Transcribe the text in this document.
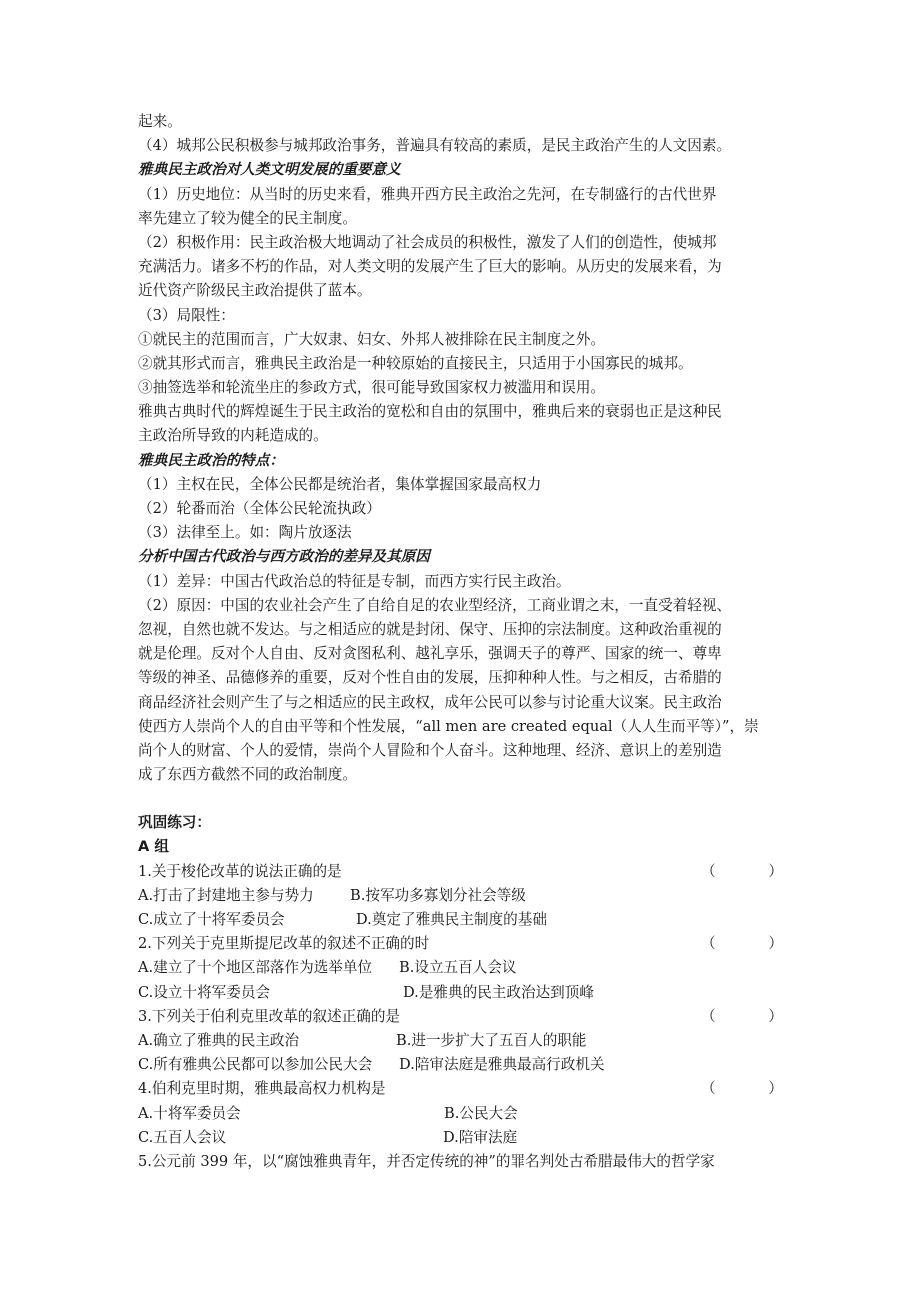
起来。
（4）城邦公民积极参与城邦政治事务，普遍具有较高的素质，是民主政治产生的人文因素。
雅典民主政治对人类文明发展的重要意义
（1）历史地位：从当时的历史来看，雅典开西方民主政治之先河，在专制盛行的古代世界
率先建立了较为健全的民主制度。
（2）积极作用：民主政治极大地调动了社会成员的积极性，激发了人们的创造性，使城邦
充满活力。诸多不朽的作品，对人类文明的发展产生了巨大的影响。从历史的发展来看，为
近代资产阶级民主政治提供了蓝本。
（3）局限性：
①就民主的范围而言，广大奴隶、妇女、外邦人被排除在民主制度之外。
②就其形式而言，雅典民主政治是一种较原始的直接民主，只适用于小国寡民的城邦。
③抽签选举和轮流坐庄的参政方式，很可能导致国家权力被滥用和误用。
雅典古典时代的辉煌诞生于民主政治的宽松和自由的氛围中，雅典后来的衰弱也正是这种民
主政治所导致的内耗造成的。
雅典民主政治的特点：
（1）主权在民，全体公民都是统治者，集体掌握国家最高权力
（2）轮番而治（全体公民轮流执政）
（3）法律至上。如：陶片放逐法
分析中国古代政治与西方政治的差异及其原因
（1）差异：中国古代政治总的特征是专制，而西方实行民主政治。
（2）原因：中国的农业社会产生了自给自足的农业型经济，工商业谓之末，一直受着轻视、
忽视，自然也就不发达。与之相适应的就是封闭、保守、压抑的宗法制度。这种政治重视的
就是伦理。反对个人自由、反对贪图私利、越礼享乐，强调天子的尊严、国家的统一、尊卑
等级的神圣、品德修养的重要，反对个性自由的发展，压抑种种人性。与之相反，古希腊的
商品经济社会则产生了与之相适应的民主政权，成年公民可以参与讨论重大议案。民主政治
使西方人崇尚个人的自由平等和个性发展，“all men are created equal（人人生而平等）”，崇
尚个人的财富、个人的爱情，崇尚个人冒险和个人奋斗。这种地理、经济、意识上的差别造
成了东西方截然不同的政治制度。
巩固练习：
A 组
1.关于梭伦改革的说法正确的是	（	）
A.打击了封建地主参与势力 B.按军功多寡划分社会等级
C.成立了十将军委员会	D.奠定了雅典民主制度的基础
2.下列关于克里斯提尼改革的叙述不正确的时	（	）
A.建立了十个地区部落作为选举单位 B.设立五百人会议
C.设立十将军委员会	D.是雅典的民主政治达到顶峰
3.下列关于伯利克里改革的叙述正确的是	（	）
A.确立了雅典的民主政治	B.进一步扩大了五百人的职能
C.所有雅典公民都可以参加公民大会 D.陪审法庭是雅典最高行政机关
4.伯利克里时期，雅典最高权力机构是	（	）
A.十将军委员会	B.公民大会
C.五百人会议	D.陪审法庭
5.公元前 399 年，以“腐蚀雅典青年，并否定传统的神”的罪名判处古希腊最伟大的哲学家
